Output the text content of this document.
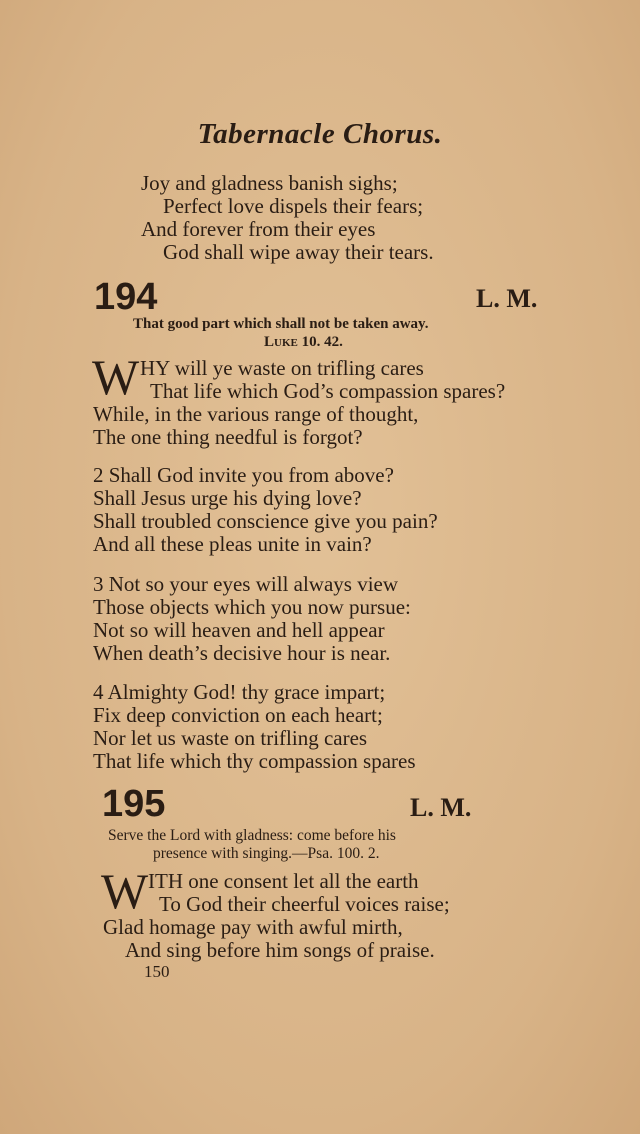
Tabernacle Chorus.
Joy and gladness banish sighs;
Perfect love dispels their fears;
And forever from their eyes
God shall wipe away their tears.
194	L. M.
That good part which shall not be taken away.
Luke 10. 42.
W HY will ye waste on trifling cares
That life which God’s compassion spares?
While, in the various range of thought,
The one thing needful is forgot?
2 Shall God invite you from above?
Shall Jesus urge his dying love?
Shall troubled conscience give you pain?
And all these pleas unite in vain?
3 Not so your eyes will always view
Those objects which you now pursue:
Not so will heaven and hell appear
When death’s decisive hour is near.
4 Almighty God! thy grace impart;
Fix deep conviction on each heart;
Nor let us waste on trifling cares
That life which thy compassion spares
195	L. M.
Serve the Lord with gladness: come before his
presence with singing.—Psa. 100. 2.
W ITH one consent let all the earth
To God their cheerful voices raise;
Glad homage pay with awful mirth,
And sing before him songs of praise.
150
